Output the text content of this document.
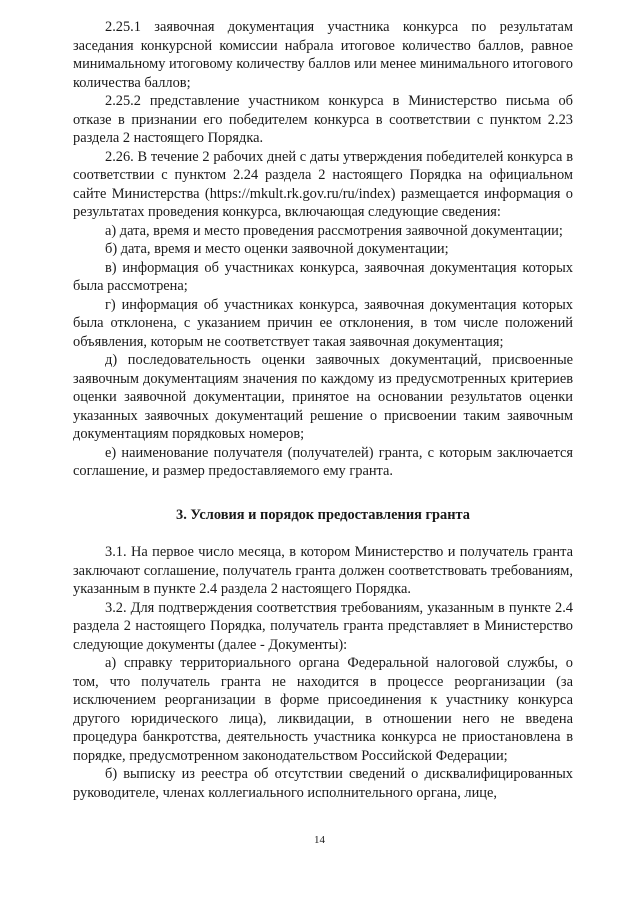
2.25.1 заявочная документация участника конкурса по результатам заседания конкурсной комиссии набрала итоговое количество баллов, равное минимальному итоговому количеству баллов или менее минимального итогового количества баллов;

2.25.2 представление участником конкурса в Министерство письма об отказе в признании его победителем конкурса в соответствии с пунктом 2.23 раздела 2 настоящего Порядка.

2.26. В течение 2 рабочих дней с даты утверждения победителей конкурса в соответствии с пунктом 2.24 раздела 2 настоящего Порядка на официальном сайте Министерства (https://mkult.rk.gov.ru/ru/index) размещается информация о результатах проведения конкурса, включающая следующие сведения:

а) дата, время и место проведения рассмотрения заявочной документации;

б) дата, время и место оценки заявочной документации;

в) информация об участниках конкурса, заявочная документация которых была рассмотрена;

г) информация об участниках конкурса, заявочная документация которых была отклонена, с указанием причин ее отклонения, в том числе положений объявления, которым не соответствует такая заявочная документация;

д) последовательность оценки заявочных документаций, присвоенные заявочным документациям значения по каждому из предусмотренных критериев оценки заявочной документации, принятое на основании результатов оценки указанных заявочных документаций решение о присвоении таким заявочным документациям порядковых номеров;

е) наименование получателя (получателей) гранта, с которым заключается соглашение, и размер предоставляемого ему гранта.

3. Условия и порядок предоставления гранта

3.1. На первое число месяца, в котором Министерство и получатель гранта заключают соглашение, получатель гранта должен соответствовать требованиям, указанным в пункте 2.4 раздела 2 настоящего Порядка.

3.2. Для подтверждения соответствия требованиям, указанным в пункте 2.4 раздела 2 настоящего Порядка, получатель гранта представляет в Министерство следующие документы (далее - Документы):

а) справку территориального органа Федеральной налоговой службы, о том, что получатель гранта не находится в процессе реорганизации (за исключением реорганизации в форме присоединения к участнику конкурса другого юридического лица), ликвидации, в отношении него не введена процедура банкротства, деятельность участника конкурса не приостановлена в порядке, предусмотренном законодательством Российской Федерации;

б) выписку из реестра об отсутствии сведений о дисквалифицированных руководителе, членах коллегиального исполнительного органа, лице,

14
